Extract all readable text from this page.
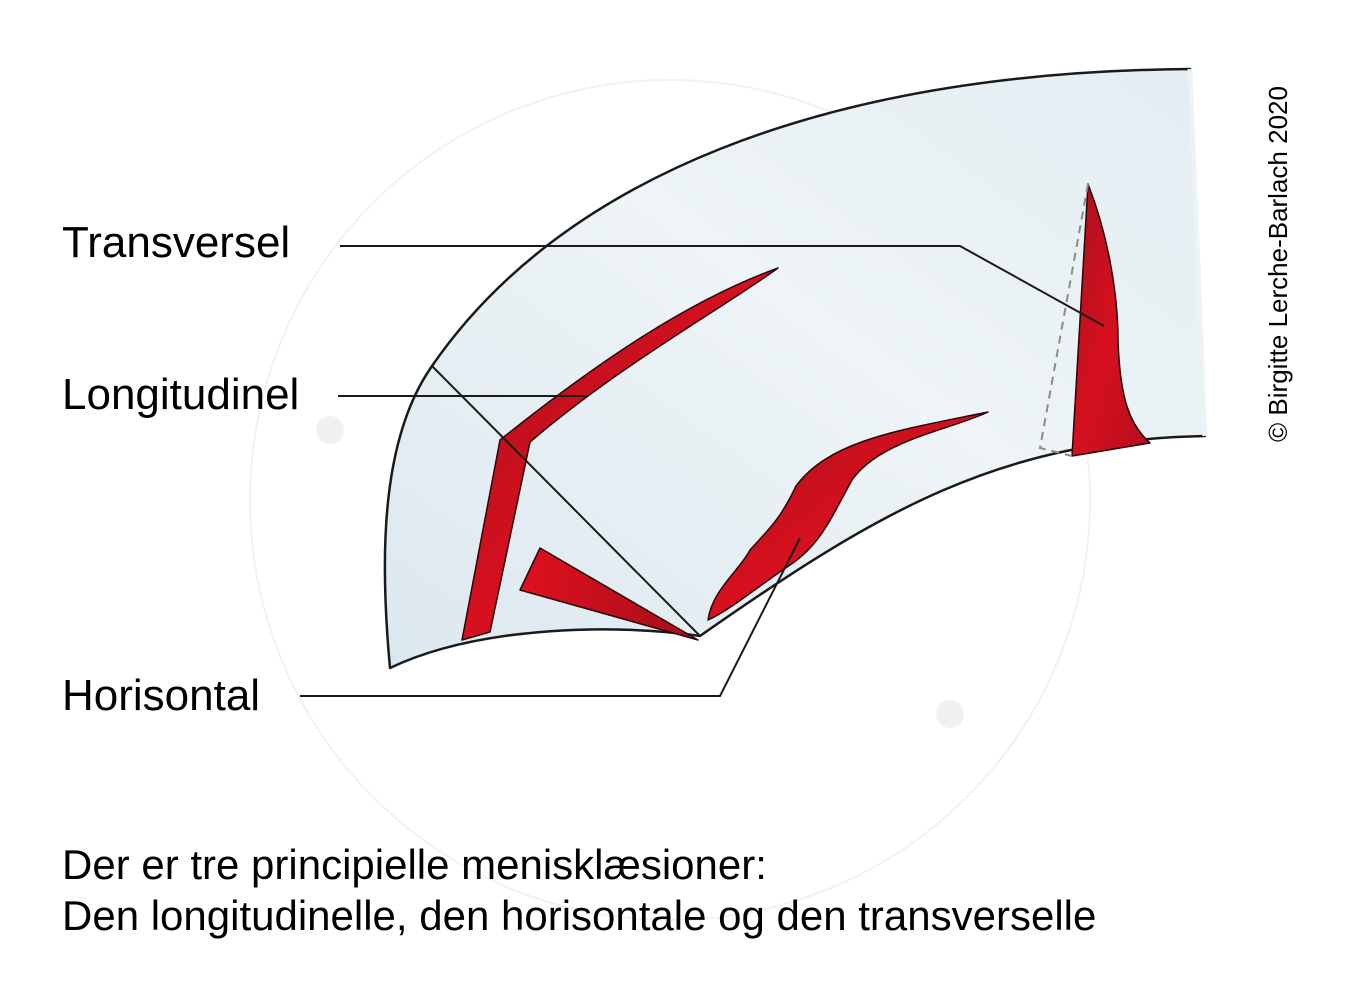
Transversel
Longitudinel
Horisontal
Der er tre principielle menisklæsioner:
Den longitudinelle, den horisontale og den transverselle
© Birgitte Lerche-Barlach 2020
